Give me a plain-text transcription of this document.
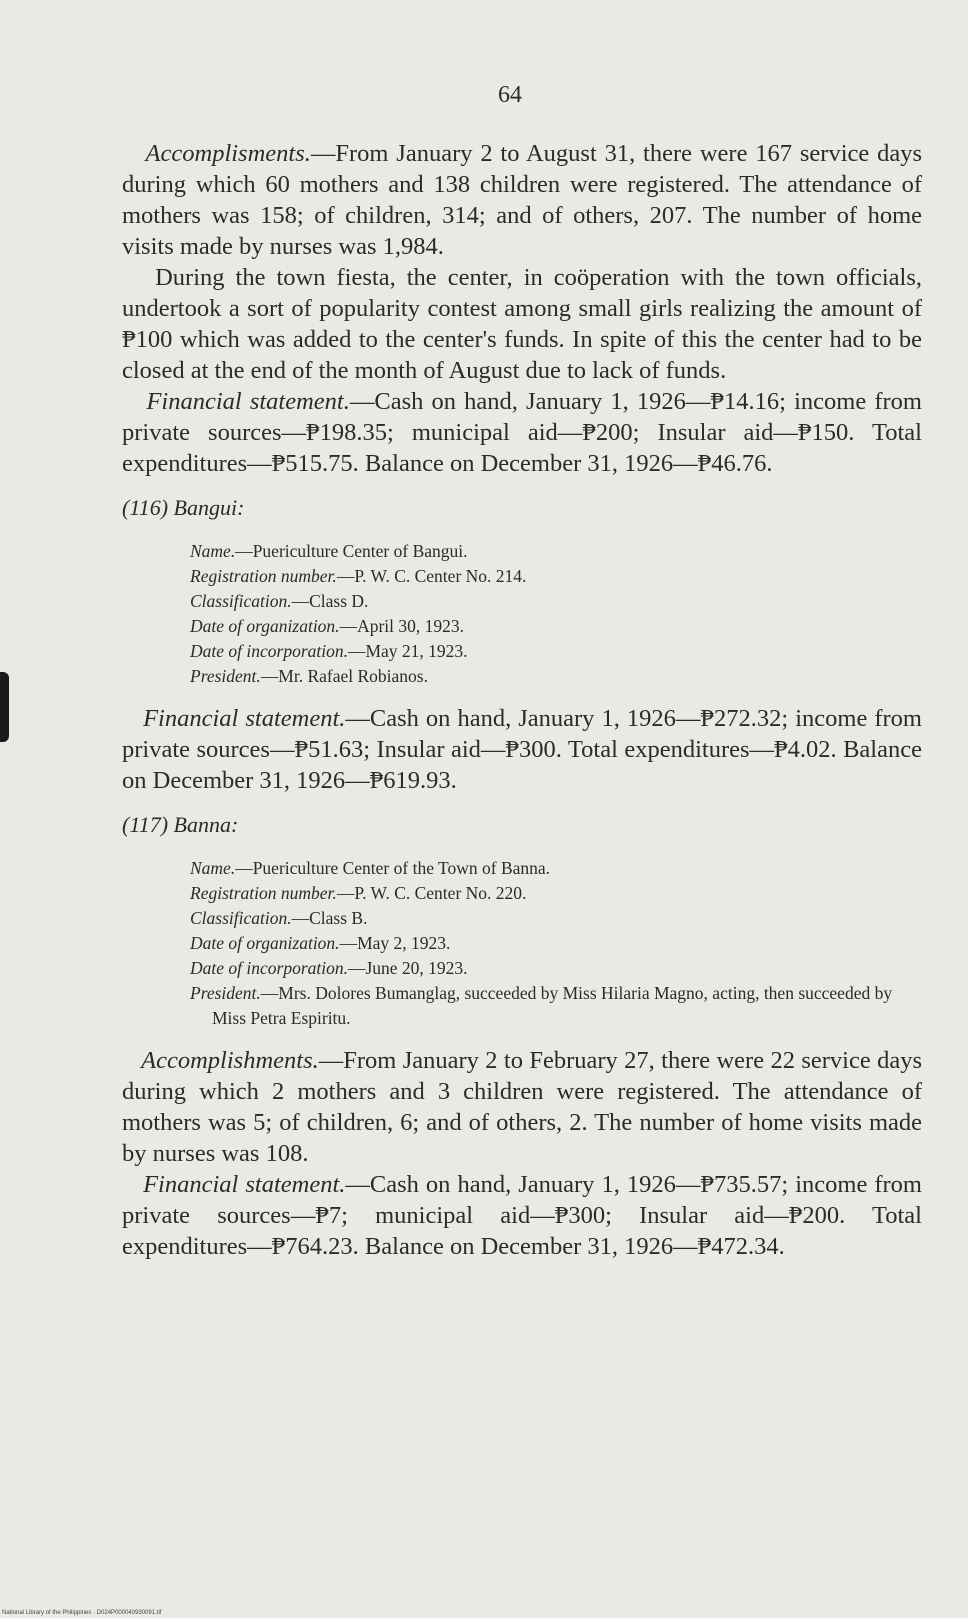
64

Accomplisments.—From January 2 to August 31, there were 167 service days during which 60 mothers and 138 children were registered. The attendance of mothers was 158; of children, 314; and of others, 207. The number of home visits made by nurses was 1,984.

During the town fiesta, the center, in coöperation with the town officials, undertook a sort of popularity contest among small girls realizing the amount of ₱100 which was added to the center's funds. In spite of this the center had to be closed at the end of the month of August due to lack of funds.

Financial statement.—Cash on hand, January 1, 1926—₱14.16; income from private sources—₱198.35; municipal aid—₱200; Insular aid—₱150. Total expenditures—₱515.75. Balance on December 31, 1926—₱46.76.

(116) Bangui:
Name.—Puericulture Center of Bangui.
Registration number.—P. W. C. Center No. 214.
Classification.—Class D.
Date of organization.—April 30, 1923.
Date of incorporation.—May 21, 1923.
President.—Mr. Rafael Robianos.

Financial statement.—Cash on hand, January 1, 1926—₱272.32; income from private sources—₱51.63; Insular aid—₱300. Total expenditures—₱4.02. Balance on December 31, 1926—₱619.93.

(117) Banna:
Name.—Puericulture Center of the Town of Banna.
Registration number.—P. W. C. Center No. 220.
Classification.—Class B.
Date of organization.—May 2, 1923.
Date of incorporation.—June 20, 1923.
President.—Mrs. Dolores Bumanglag, succeeded by Miss Hilaria Magno, acting, then succeeded by Miss Petra Espiritu.

Accomplishments.—From January 2 to February 27, there were 22 service days during which 2 mothers and 3 children were registered. The attendance of mothers was 5; of children, 6; and of others, 2. The number of home visits made by nurses was 108.

Financial statement.—Cash on hand, January 1, 1926—₱735.57; income from private sources—₱7; municipal aid—₱300; Insular aid—₱200. Total expenditures—₱764.23. Balance on December 31, 1926—₱472.34.

National Library of the Philippines · D024P000040930091.tif
